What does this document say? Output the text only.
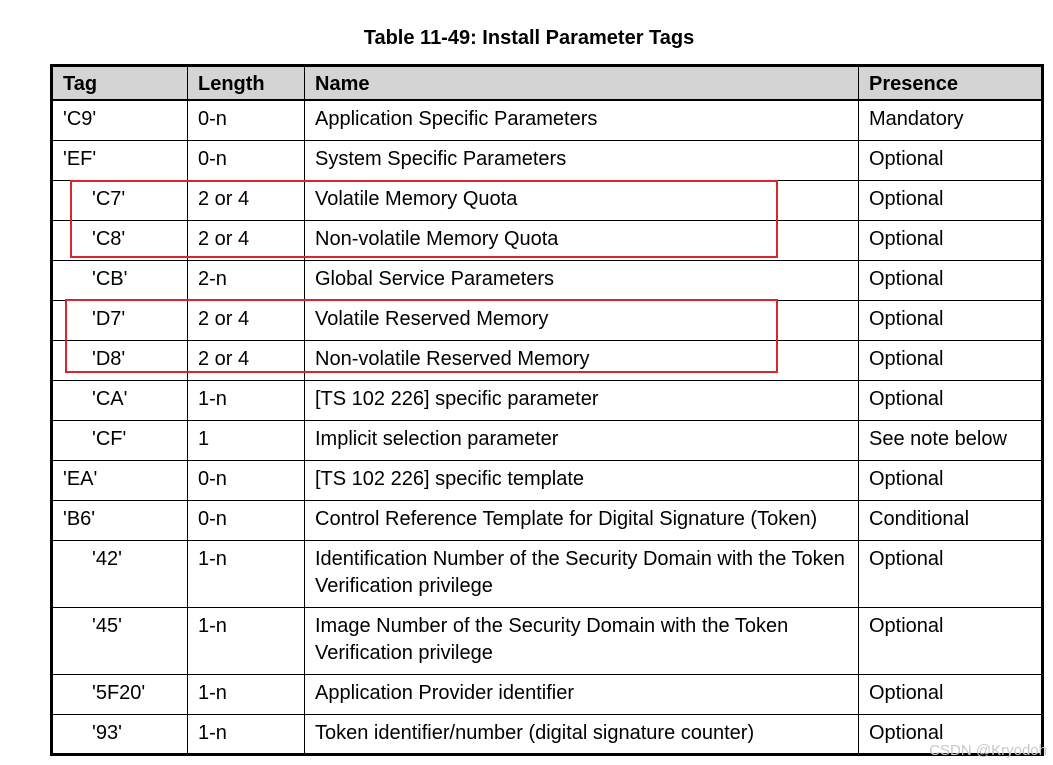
Table 11-49: Install Parameter Tags
Tag	Length	Name	Presence
'C9'	0-n	Application Specific Parameters	Mandatory
'EF'	0-n	System Specific Parameters	Optional
'C7'	2 or 4	Volatile Memory Quota	Optional
'C8'	2 or 4	Non-volatile Memory Quota	Optional
'CB'	2-n	Global Service Parameters	Optional
'D7'	2 or 4	Volatile Reserved Memory	Optional
'D8'	2 or 4	Non-volatile Reserved Memory	Optional
'CA'	1-n	[TS 102 226] specific parameter	Optional
'CF'	1	Implicit selection parameter	See note below
'EA'	0-n	[TS 102 226] specific template	Optional
'B6'	0-n	Control Reference Template for Digital Signature (Token)	Conditional
'42'	1-n	Identification Number of the Security Domain with the Token Verification privilege	Optional
'45'	1-n	Image Number of the Security Domain with the Token Verification privilege	Optional
'5F20'	1-n	Application Provider identifier	Optional
'93'	1-n	Token identifier/number (digital signature counter)	Optional
CSDN @Kryodoh
